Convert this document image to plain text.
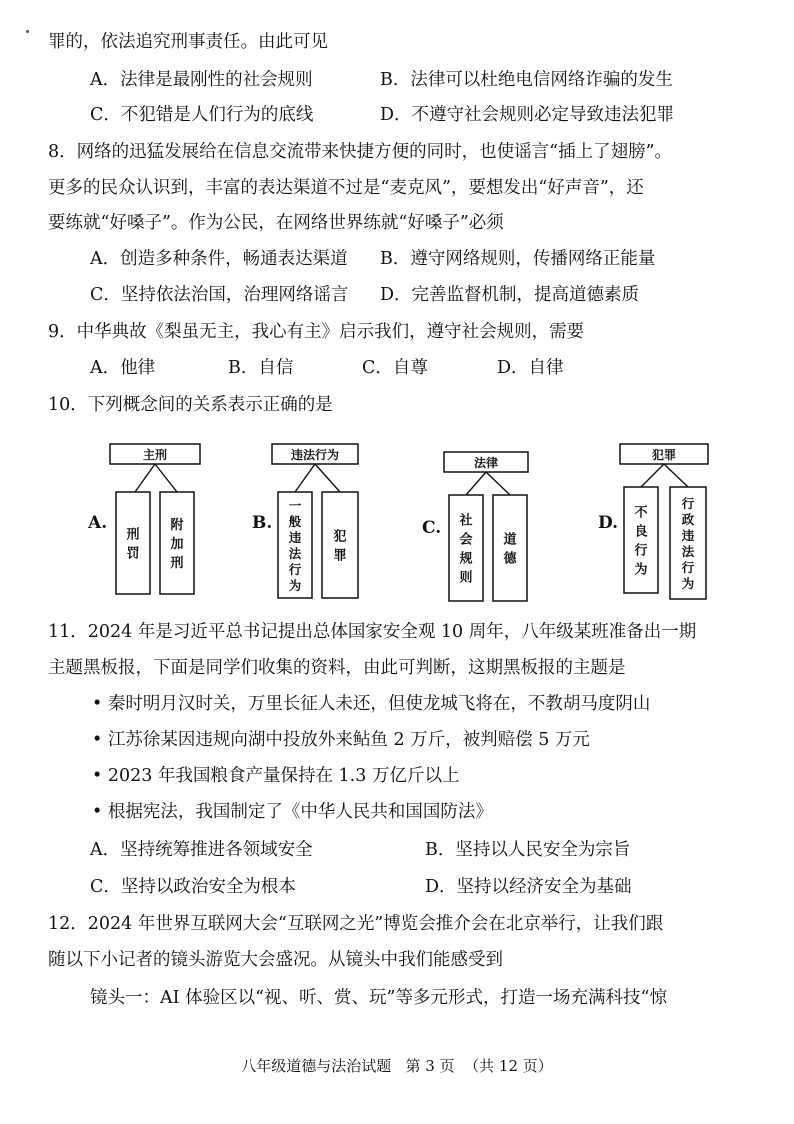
罪的，依法追究刑事责任。由此可见
A．法律是最刚性的社会规则	B．法律可以杜绝电信网络诈骗的发生
C．不犯错是人们行为的底线	D．不遵守社会规则必定导致违法犯罪
8．网络的迅猛发展给在信息交流带来快捷方便的同时，也使谣言“插上了翅膀”。
更多的民众认识到，丰富的表达渠道不过是“麦克风”，要想发出“好声音”，还
要练就“好嗓子”。作为公民，在网络世界练就“好嗓子”必须
A．创造多种条件，畅通表达渠道 B．遵守网络规则，传播网络正能量
C．坚持依法治国，治理网络谣言 D．完善监督机制，提高道德素质
9．中华典故《梨虽无主，我心有主》启示我们，遵守社会规则，需要
A．他律	B．自信	C．自尊	D．自律
10．下列概念间的关系表示正确的是
A.
主刑
刑
罚
附
加
刑
B.
违法行为
一
般
违
法
行
为
犯
罪
C.
法律
社
会
规
则
道
德
D.
犯罪
不
良
行
为
行
政
违
法
行
为
11．2024 年是习近平总书记提出总体国家安全观 10 周年，八年级某班准备出一期
主题黑板报，下面是同学们收集的资料，由此可判断，这期黑板报的主题是
• 秦时明月汉时关，万里长征人未还，但使龙城飞将在，不教胡马度阴山
• 江苏徐某因违规向湖中投放外来鲇鱼 2 万斤，被判赔偿 5 万元
• 2023 年我国粮食产量保持在 1.3 万亿斤以上
• 根据宪法，我国制定了《中华人民共和国国防法》
A．坚持统筹推进各领域安全	B．坚持以人民安全为宗旨
C．坚持以政治安全为根本	D．坚持以经济安全为基础
12．2024 年世界互联网大会“互联网之光”博览会推介会在北京举行，让我们跟
随以下小记者的镜头游览大会盛况。从镜头中我们能感受到
镜头一：AI 体验区以“视、听、赏、玩”等多元形式，打造一场充满科技“惊
八年级道德与法治试题   第 3 页  （共 12 页）
